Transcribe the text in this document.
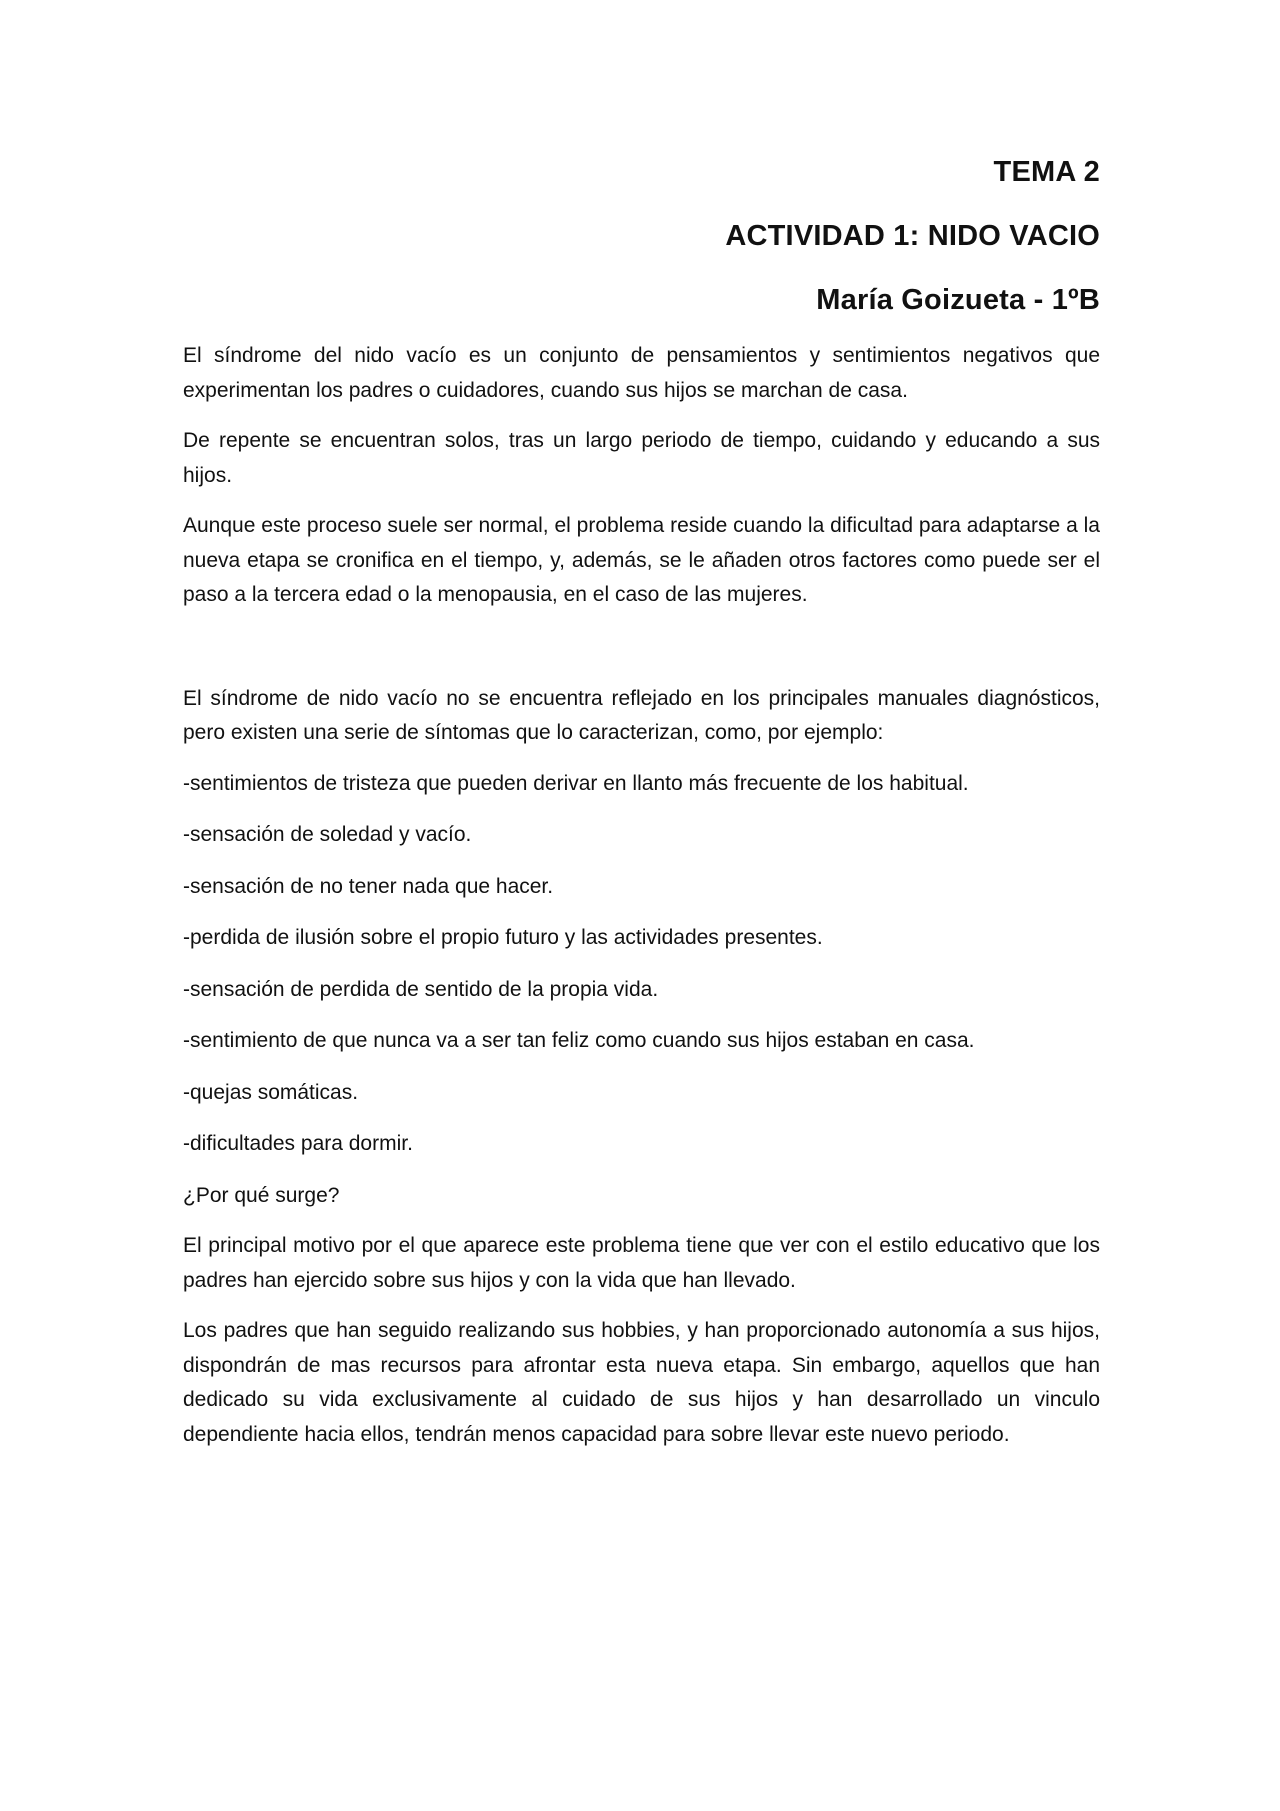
TEMA 2
ACTIVIDAD 1: NIDO VACIO
María Goizueta - 1ºB

El síndrome del nido vacío es un conjunto de pensamientos y sentimientos negativos que experimentan los padres o cuidadores, cuando sus hijos se marchan de casa.

De repente se encuentran solos, tras un largo periodo de tiempo, cuidando y educando a sus hijos.

Aunque este proceso suele ser normal, el problema reside cuando la dificultad para adaptarse a la nueva etapa se cronifica en el tiempo, y, además, se le añaden otros factores como puede ser el paso a la tercera edad o la menopausia, en el caso de las mujeres.

El síndrome de nido vacío no se encuentra reflejado en los principales manuales diagnósticos, pero existen una serie de síntomas que lo caracterizan, como, por ejemplo:

-sentimientos de tristeza que pueden derivar en llanto más frecuente de los habitual.
-sensación de soledad y vacío.
-sensación de no tener nada que hacer.
-perdida de ilusión sobre el propio futuro y las actividades presentes.
-sensación de perdida de sentido de la propia vida.
-sentimiento de que nunca va a ser tan feliz como cuando sus hijos estaban en casa.
-quejas somáticas.
-dificultades para dormir.

¿Por qué surge?

El principal motivo por el que aparece este problema tiene que ver con el estilo educativo que los padres han ejercido sobre sus hijos y con la vida que han llevado.

Los padres que han seguido realizando sus hobbies, y han proporcionado autonomía a sus hijos, dispondrán de mas recursos para afrontar esta nueva etapa. Sin embargo, aquellos que han dedicado su vida exclusivamente al cuidado de sus hijos y han desarrollado un vinculo dependiente hacia ellos, tendrán menos capacidad para sobre llevar este nuevo periodo.
